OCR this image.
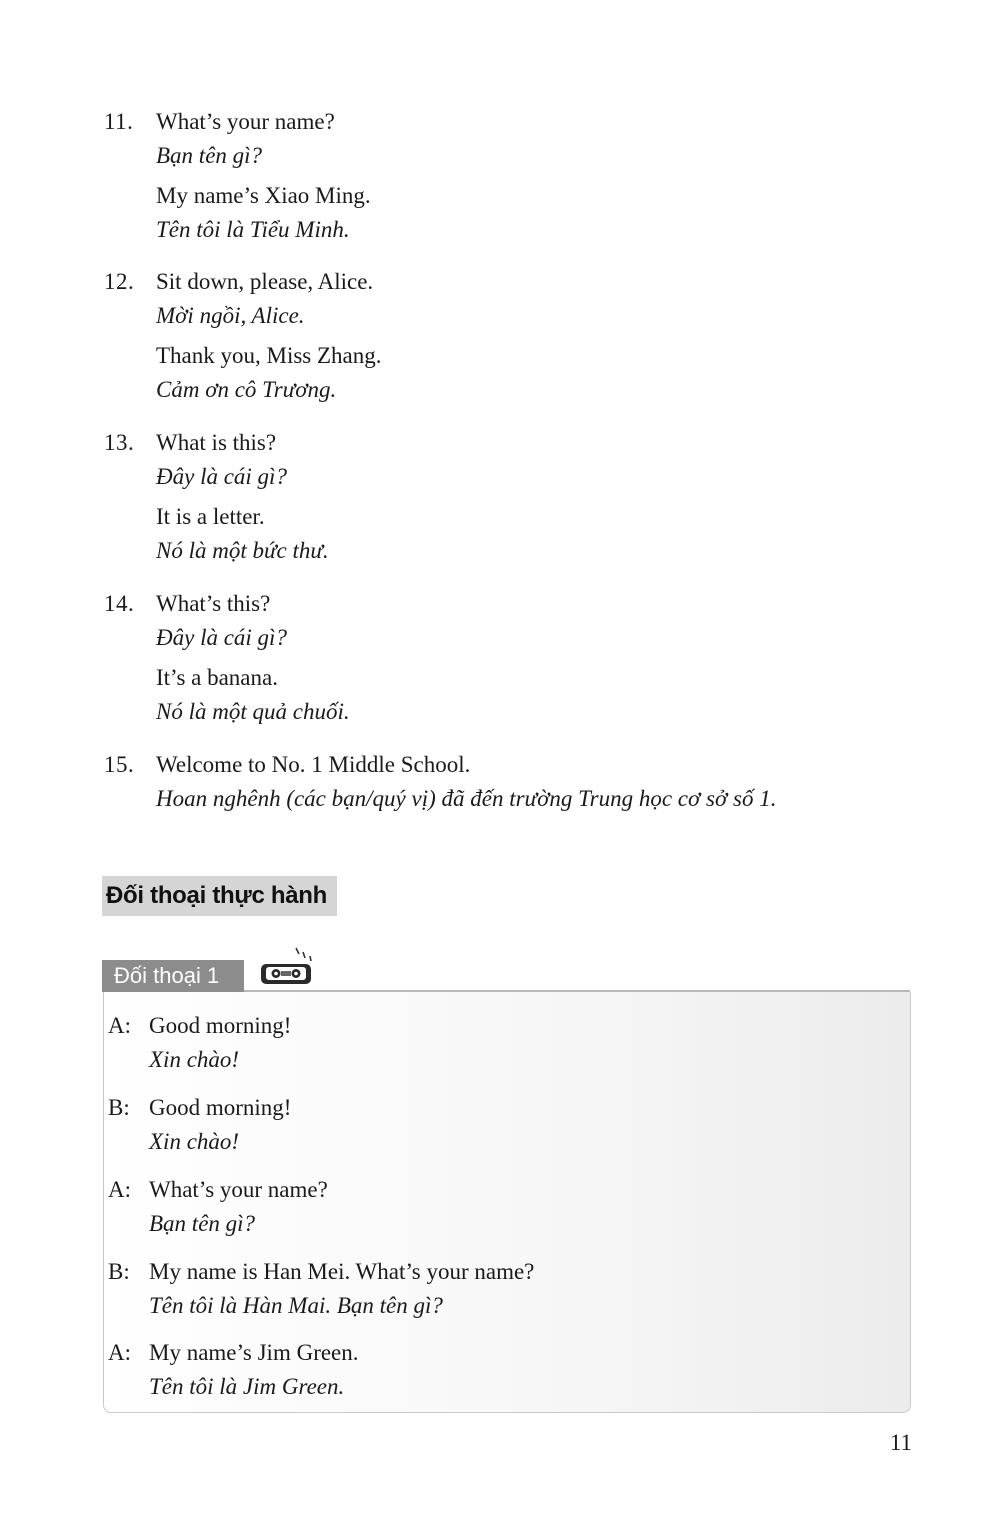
11. What’s your name?
Bạn tên gì?
My name’s Xiao Ming.
Tên tôi là Tiểu Minh.
12. Sit down, please, Alice.
Mời ngồi, Alice.
Thank you, Miss Zhang.
Cảm ơn cô Trương.
13. What is this?
Đây là cái gì?
It is a letter.
Nó là một bức thư.
14. What’s this?
Đây là cái gì?
It’s a banana.
Nó là một quả chuối.
15. Welcome to No. 1 Middle School.
Hoan nghênh (các bạn/quý vị) đã đến trường Trung học cơ sở số 1.
Đối thoại thực hành
Đối thoại 1
A: Good morning!
Xin chào!
B: Good morning!
Xin chào!
A: What’s your name?
Bạn tên gì?
B: My name is Han Mei. What’s your name?
Tên tôi là Hàn Mai. Bạn tên gì?
A: My name’s Jim Green.
Tên tôi là Jim Green.
11
